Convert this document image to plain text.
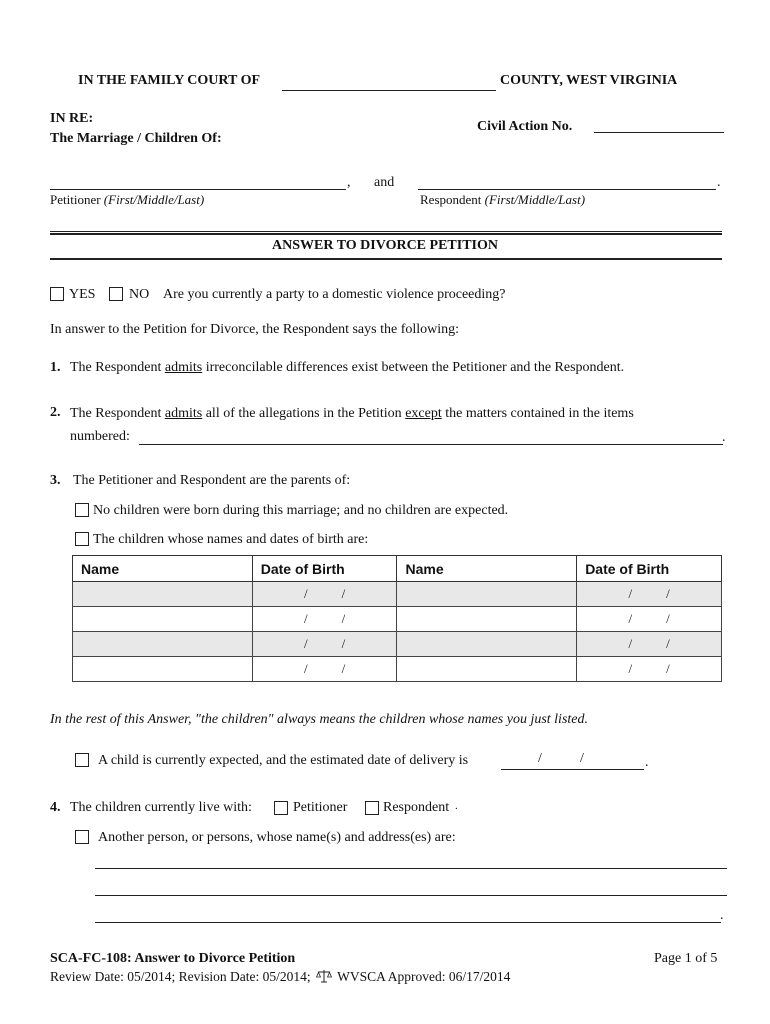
IN THE FAMILY COURT OF	COUNTY, WEST VIRGINIA
IN RE:
The Marriage / Children Of:
Civil Action No.
, and	.
Petitioner (First/Middle/Last)	Respondent (First/Middle/Last)
ANSWER TO DIVORCE PETITION
YES NO Are you currently a party to a domestic violence proceeding?
In answer to the Petition for Divorce, the Respondent says the following:
1. The Respondent admits irreconcilable differences exist between the Petitioner and the Respondent.
2. The Respondent admits all of the allegations in the Petition except the matters contained in the items
numbered:	.
3. The Petitioner and Respondent are the parents of:
No children were born during this marriage; and no children are expected.
The children whose names and dates of birth are:
Name	Date of Birth	Name	Date of Birth

	/ /		/ /

	/ /		/ /

	/ /		/ /

	/ /		/ /
In the rest of this Answer, "the children" always means the children whose names you just listed.
A child is currently expected, and the estimated date of delivery is	/	/	.
4. The children currently live with:	Petitioner	Respondent .
Another person, or persons, whose name(s) and address(es) are:
.
SCA-FC-108: Answer to Divorce Petition
Review Date: 05/2014; Revision Date: 05/2014; WVSCA Approved: 06/17/2014
Page 1 of 5
